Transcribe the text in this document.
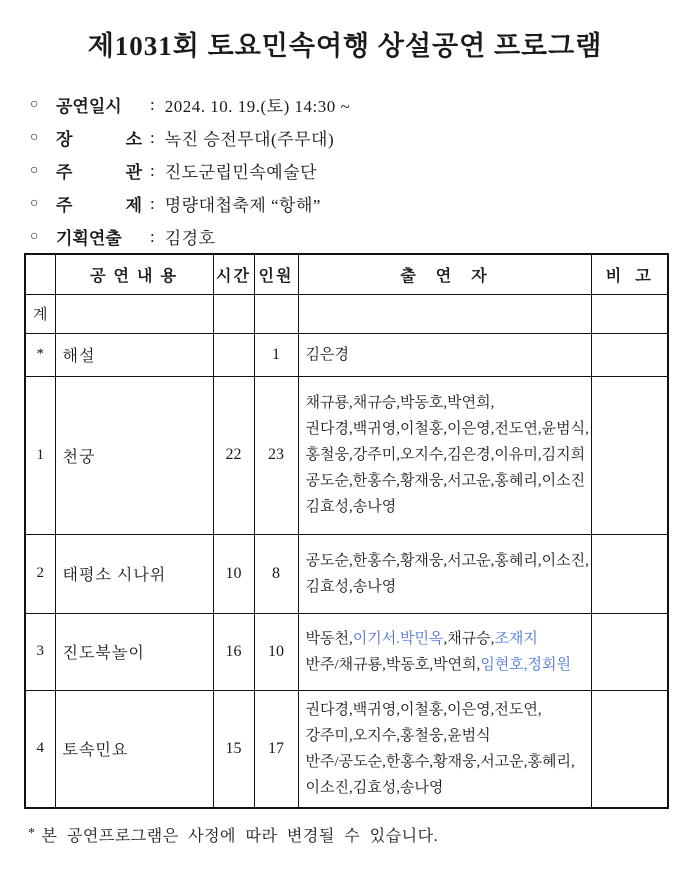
제1031회 토요민속여행 상설공연 프로그램
○	공연일시	: 2024. 10. 19.(토) 14:30 ~
○	장 소 : 녹진 승전무대(주무대)
○	주 관 : 진도군립민속예술단
○	주 제 : 명량대첩축제 “항해”
○	기획연출	: 김경호
	공 연 내 용	시간	인원	출   연   자	비  고
계					
*	해설		1	김은경	

1	천궁	22	23	채규룡,채규승,박동호,박연희,
권다경,백귀영,이철홍,이은영,전도연,윤범식,
홍철웅,강주미,오지수,김은경,이유미,김지희
공도순,한홍수,황재웅,서고운,홍혜리,이소진
김효성,송나영	

2	태평소 시나위	10	8	공도순,한홍수,황재웅,서고운,홍혜리,이소진,
김효성,송나영	

3	진도북놀이	16	10	박동천,이기서.박민옥,채규승,조재지
반주/채규룡,박동호,박연희,임현호,정회원	

4	토속민요	15	17	권다경,백귀영,이철홍,이은영,전도연,
강주미,오지수,홍철웅,윤범식
반주/공도순,한홍수,황재웅,서고운,홍혜리,
이소진,김효성,송나영	

* 본 공연프로그램은 사정에 따라 변경될 수 있습니다.
